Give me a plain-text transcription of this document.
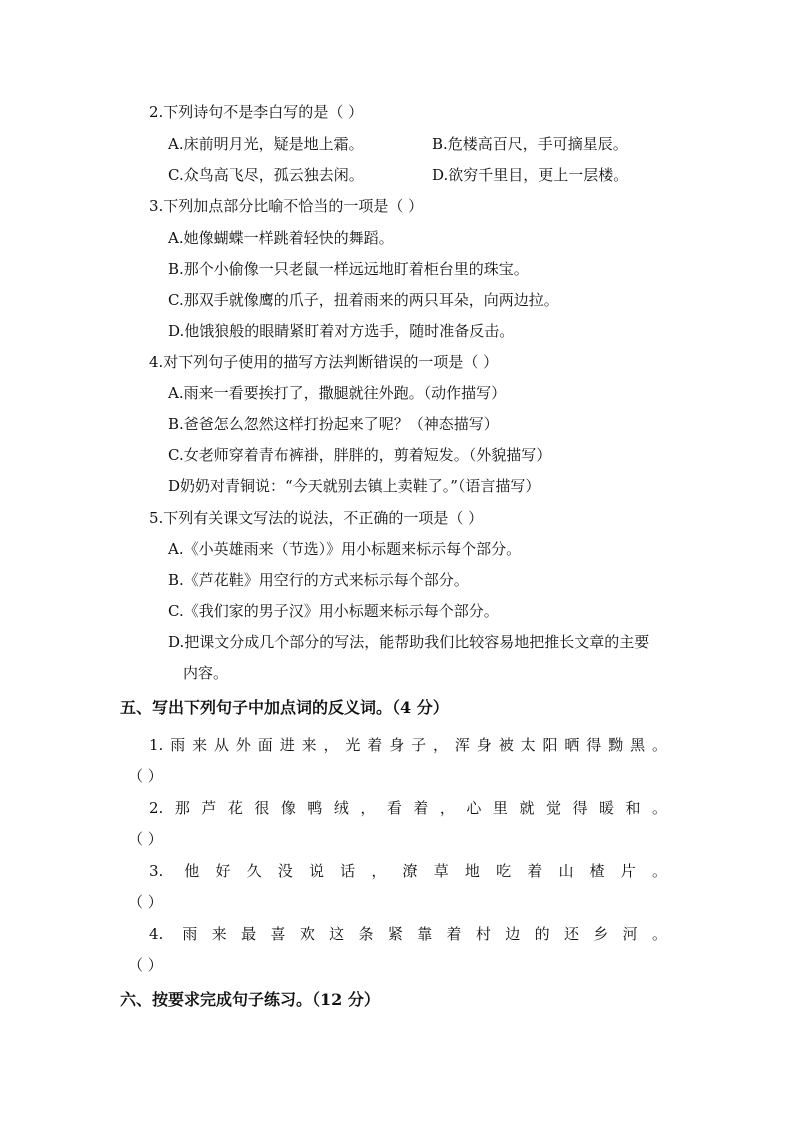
2.下列诗句不是李白写的是（ ）
A.床前明月光，疑是地上霜。	B.危楼高百尺，手可摘星辰。
C.众鸟高飞尽，孤云独去闲。	D.欲穷千里目，更上一层楼。
3.下列加点部分比喻不恰当的一项是（ ）
A.她像蝴蝶一样跳着轻快的舞蹈。
B.那个小偷像一只老鼠一样远远地盯着柜台里的珠宝。
C.那双手就像鹰的爪子，扭着雨来的两只耳朵，向两边拉。
D.他饿狼般的眼睛紧盯着对方选手，随时准备反击。
4.对下列句子使用的描写方法判断错误的一项是（ ）
A.雨来一看要挨打了，撒腿就往外跑。（动作描写）
B.爸爸怎么忽然这样打扮起来了呢？（神态描写）
C.女老师穿着青布裤褂，胖胖的，剪着短发。（外貌描写）
D奶奶对青铜说：“今天就别去镇上卖鞋了。”（语言描写）
5.下列有关课文写法的说法，不正确的一项是（ ）
A.《小英雄雨来（节选）》用小标题来标示每个部分。
B.《芦花鞋》用空行的方式来标示每个部分。
C.《我们家的男子汉》用小标题来标示每个部分。
D.把课文分成几个部分的写法，能帮助我们比较容易地把推长文章的主要
内容。
五、写出下列句子中加点词的反义词。（4 分）
1.雨来从外面进来，光着身子，浑身被太阳晒得黝黑。
（ ）
2.那芦花很像鸭绒，看着，心里就觉得暖和。
（ ）
3. 他好久没说话，潦草地吃着山楂片。
（ ）
4. 雨来最喜欢这条紧靠着村边的还乡河。
（ ）
六、按要求完成句子练习。（12 分）
